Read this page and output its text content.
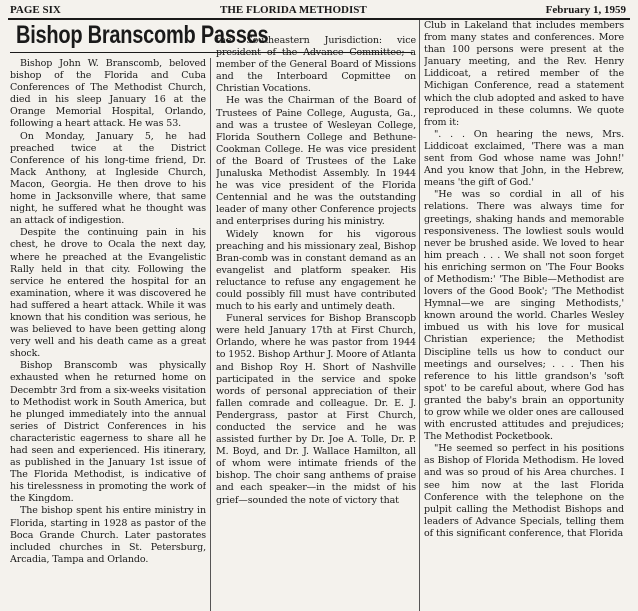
PAGE SIX	THE FLORIDA METHODIST	February 1, 1959
Bishop Branscomb Passes

Bishop John W. Branscomb, beloved bishop of the Florida and Cuba Conferences of The Methodist Church, died in his sleep January 16 at the Orange Memorial Hospital, Orlando, following a heart attack. He was 53.

On Monday, January 5, he had preached twice at the District Conference of his long-time friend, Dr. Mack Anthony, at Ingleside Church, Macon, Georgia. He then drove to his home in Jacksonville where, that same night, he suffered what he thought was an attack of indigestion.

Despite the continuing pain in his chest, he drove to Ocala the next day, where he preached at the Evangelistic Rally held in that city. Following the service he entered the hospital for an examination, where it was discovered he had suffered a heart attack. While it was known that his condition was serious, he was believed to have been getting along very well and his death came as a great shock.

Bishop Branscomb was physically exhausted when he returned home on Decembtr 3rd from a six-weeks visitation to Methodist work in South America, but he plunged immediately into the annual series of District Conferences in his characteristic eagerness to share all he had seen and experienced. His itinerary, as published in the January 1st issue of The Florida Methodist, is indicative of his tirelessness in promoting the work of the Kingdom.

The bishop spent his entire ministry in Florida, starting in 1928 as pastor of the Boca Grande Church. Later pastorates included churches in St. Petersburg, Arcadia, Tampa and Orlando.

the Southeastern Jurisdiction: vice president of the Advance Committee; a member of the General Board of Missions and the Interboard Copmittee on Christian Vocations.

He was the Chairman of the Board of Trustees of Paine College, Augusta, Ga., and was a trustee of Wesleyan College, Florida Southern College and Bethune-Cookman College. He was vice president of the Board of Trustees of the Lake Junaluska Methodist Assembly. In 1944 he was vice president of the Florida Centennial and he was the outstanding leader of many other Conference projects and enterprises during his ministry.

Widely known for his vigorous preaching and his missionary zeal, Bishop Bran-comb was in constant demand as an evangelist and platform speaker. His reluctance to refuse any engagement he could possibly fill must have contributed much to his early and untimely death.

Funeral services for Bishop Branscopb were held January 17th at First Church, Orlando, where he was pastor from 1944 to 1952. Bishop Arthur J. Moore of Atlanta and Bishop Roy H. Short of Nashville participated in the service and spoke words of personal appreciation of their fallen comrade and colleague. Dr. E. J. Pendergrass, pastor at First Church, conducted the service and he was assisted further by Dr. Joe A. Tolle, Dr. P. M. Boyd, and Dr. J. Wallace Hamilton, all of whom were intimate friends of the bishop. The choir sang anthems of praise and each speaker—in the midst of his grief—sounded the note of victory that

Club in Lakeland that includes members from many states and conferences. More than 100 persons were present at the January meeting, and the Rev. Henry Liddicoat, a retired member of the Michigan Conference, read a statement which the club adopted and asked to have reproduced in these columns. We quote from it:

". . . On hearing the news, Mrs. Liddicoat exclaimed, 'There was a man sent from God whose name was John!' And you know that John, in the Hebrew, means 'the gift of God.'

"He was so cordial in all of his relations. There was always time for greetings, shaking hands and memorable responsiveness. The lowliest souls would never be brushed aside. We loved to hear him preach . . . We shall not soon forget his enriching sermon on 'The Four Books of Methodism:' 'The Bible—Methodist are lovers of the Good Book'; 'The Methodist Hymnal—we are singing Methodists,' known around the world. Charles Wesley imbued us with his love for musical Christian experience; the Methodist Discipline tells us how to conduct our meetings and ourselves; . . . Then his reference to his little grandson's 'soft spot' to be careful about, where God has granted the baby's brain an opportunity to grow while we older ones are calloused with encrusted attitudes and prejudices; The Methodist Pocketbook.

"He seemed so perfect in his positions as Bishop of Florida Methodism. He loved and was so proud of his Area churches. I see him now at the last Florida Conference with the telephone on the pulpit calling the Methodist Bishops and leaders of Advance Specials, telling them of this significant conference, that Florida
